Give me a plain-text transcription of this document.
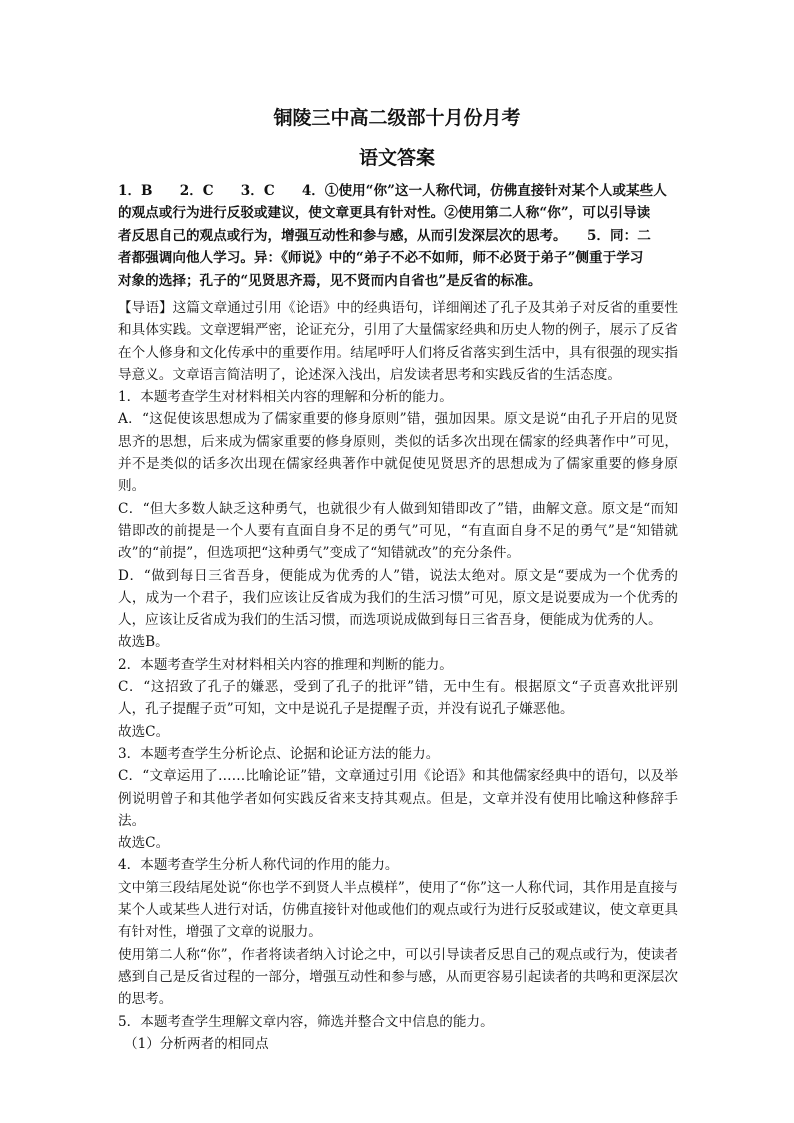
铜陵三中高二级部十月份月考
语文答案
1．B　　2．C　　3．C　　4．①使用“你”这一人称代词，仿佛直接针对某个人或某些人
的观点或行为进行反驳或建议，使文章更具有针对性。②使用第二人称“你”，可以引导读
者反思自己的观点或行为，增强互动性和参与感，从而引发深层次的思考。　　5．同：二
者都强调向他人学习。异：《师说》中的“弟子不必不如师，师不必贤于弟子”侧重于学习
对象的选择；孔子的“见贤思齐焉，见不贤而内自省也”是反省的标准。

【导语】这篇文章通过引用《论语》中的经典语句，详细阐述了孔子及其弟子对反省的重要性和具体实践。文章逻辑严密，论证充分，引用了大量儒家经典和历史人物的例子，展示了反省在个人修身和文化传承中的重要作用。结尾呼吁人们将反省落实到生活中，具有很强的现实指导意义。文章语言简洁明了，论述深入浅出，启发读者思考和实践反省的生活态度。

1．本题考查学生对材料相关内容的理解和分析的能力。

A．“这促使该思想成为了儒家重要的修身原则”错，强加因果。原文是说“由孔子开启的见贤思齐的思想，后来成为儒家重要的修身原则，类似的话多次出现在儒家的经典著作中”可见，并不是类似的话多次出现在儒家经典著作中就促使见贤思齐的思想成为了儒家重要的修身原则。

C．“但大多数人缺乏这种勇气，也就很少有人做到知错即改了”错，曲解文意。原文是“而知错即改的前提是一个人要有直面自身不足的勇气”可见，“有直面自身不足的勇气”是“知错就改”的“前提”，但选项把“这种勇气”变成了“知错就改”的充分条件。

D．“做到每日三省吾身，便能成为优秀的人”错，说法太绝对。原文是“要成为一个优秀的人，成为一个君子，我们应该让反省成为我们的生活习惯”可见，原文是说要成为一个优秀的人，应该让反省成为我们的生活习惯，而选项说成做到每日三省吾身，便能成为优秀的人。

故选B。

2．本题考查学生对材料相关内容的推理和判断的能力。

C．“这招致了孔子的嫌恶，受到了孔子的批评”错，无中生有。根据原文“子贡喜欢批评别人，孔子提醒子贡”可知，文中是说孔子是提醒子贡，并没有说孔子嫌恶他。

故选C。

3．本题考查学生分析论点、论据和论证方法的能力。

C．“文章运用了……比喻论证”错，文章通过引用《论语》和其他儒家经典中的语句，以及举例说明曾子和其他学者如何实践反省来支持其观点。但是，文章并没有使用比喻这种修辞手法。

故选C。

4．本题考查学生分析人称代词的作用的能力。

文中第三段结尾处说“你也学不到贤人半点模样”，使用了“你”这一人称代词，其作用是直接与某个人或某些人进行对话，仿佛直接针对他或他们的观点或行为进行反驳或建议，使文章更具有针对性，增强了文章的说服力。

使用第二人称“你”，作者将读者纳入讨论之中，可以引导读者反思自己的观点或行为，使读者感到自己是反省过程的一部分，增强互动性和参与感，从而更容易引起读者的共鸣和更深层次的思考。

5．本题考查学生理解文章内容，筛选并整合文中信息的能力。

（1）分析两者的相同点
